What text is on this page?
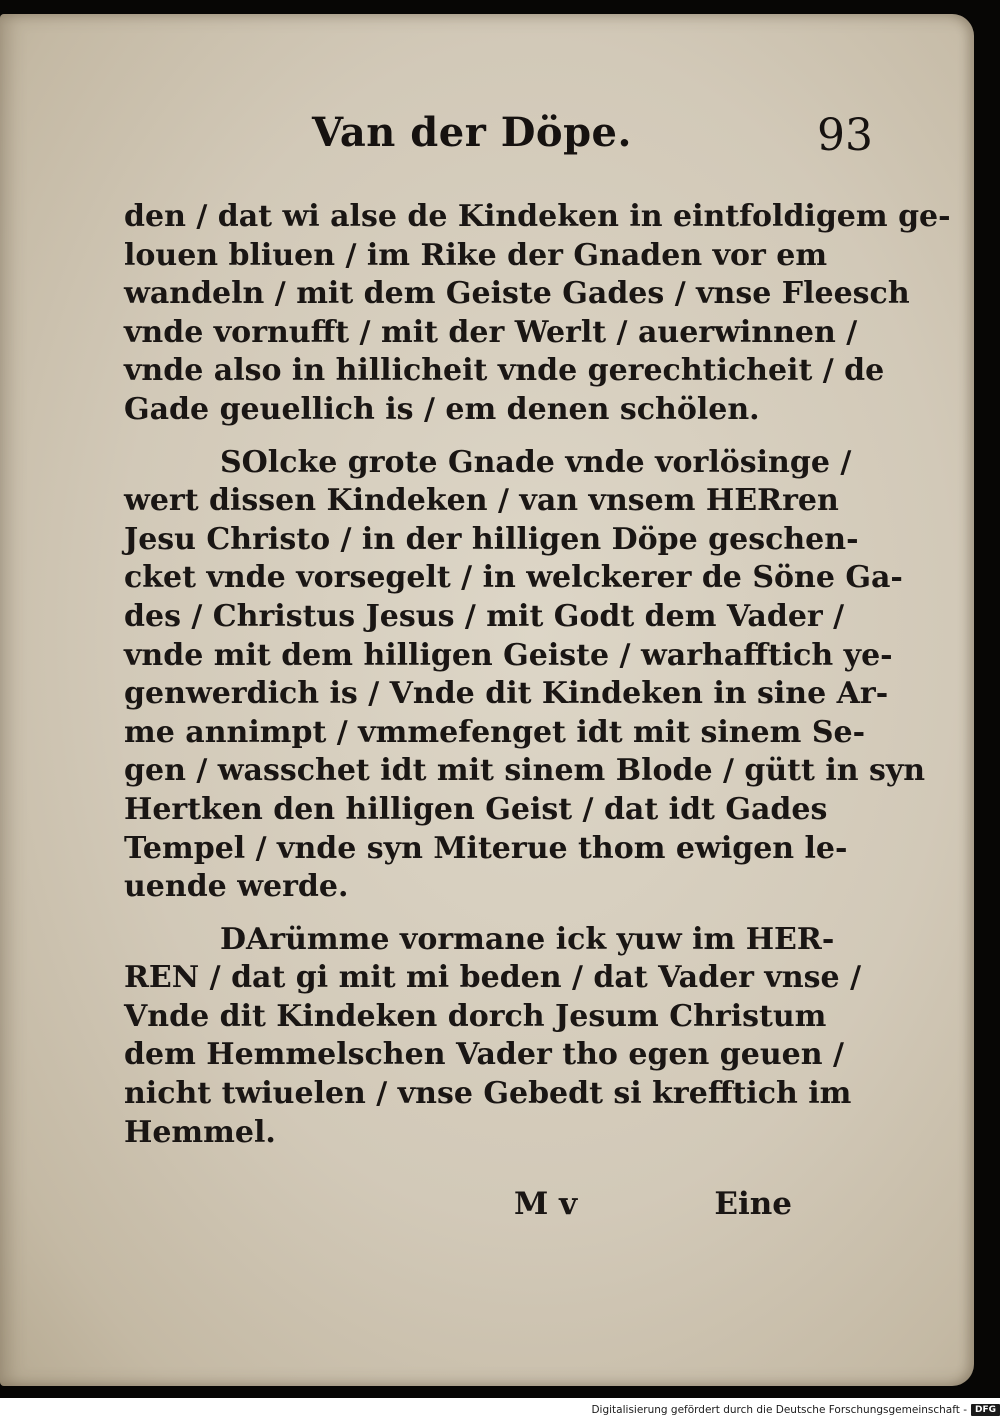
Van der Döpe.	93
den / dat wi alse de Kindeken in eintfoldigem ge-
louen bliuen / im Rike der Gnaden vor em
wandeln / mit dem Geiste Gades / vnse Fleesch
vnde vornufft / mit der Werlt / auerwinnen /
vnde also in hillicheit vnde gerechticheit / de
Gade geuellich is / em denen schölen.
SOlcke grote Gnade vnde vorlösinge /
wert dissen Kindeken / van vnsem HERren
Jesu Christo / in der hilligen Döpe geschen-
cket vnde vorsegelt / in welckerer de Söne Ga-
des / Christus Jesus / mit Godt dem Vader /
vnde mit dem hilligen Geiste / warhafftich ye-
genwerdich is / Vnde dit Kindeken in sine Ar-
me annimpt / vmmefenget idt mit sinem Se-
gen / wasschet idt mit sinem Blode / gütt in syn
Hertken den hilligen Geist / dat idt Gades
Tempel / vnde syn Miterue thom ewigen le-
uende werde.
DArümme vormane ick yuw im HER-
REN / dat gi mit mi beden / dat Vader vnse /
Vnde dit Kindeken dorch Jesum Christum
dem Hemmelschen Vader tho egen geuen /
nicht twiuelen / vnse Gebedt si krefftich im
Hemmel.
M v	Eine
Digitalisierung gefördert durch die Deutsche Forschungsgemeinschaft - DFG
